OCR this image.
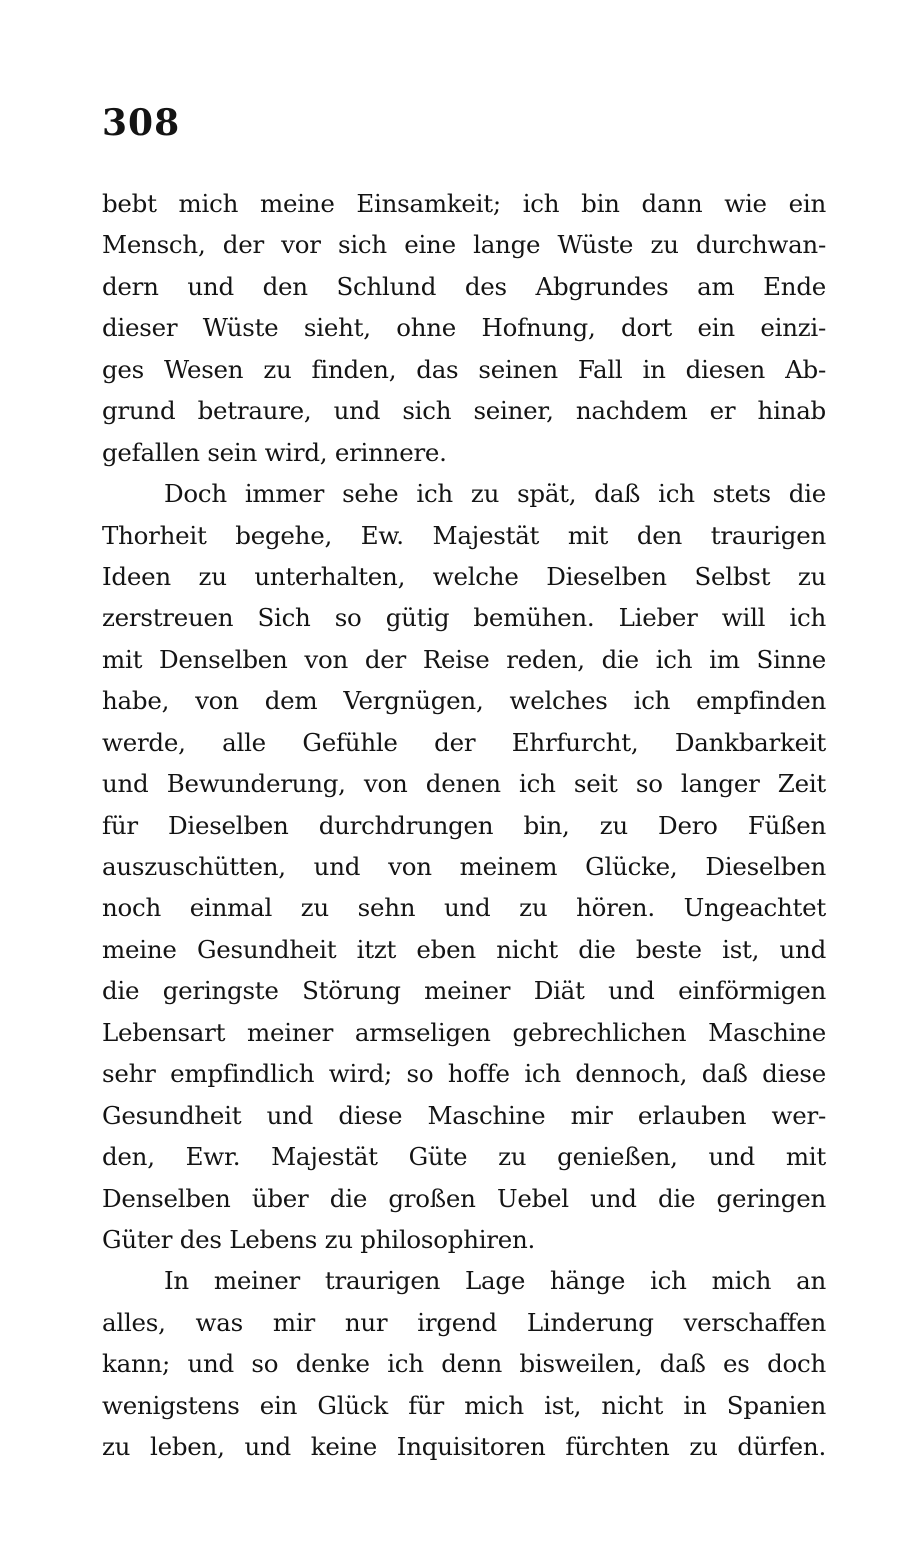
308
bebt mich meine Einsamkeit; ich bin dann wie ein
Mensch, der vor sich eine lange Wüste zu durchwan-
dern und den Schlund des Abgrundes am Ende
dieser Wüste sieht, ohne Hofnung, dort ein einzi-
ges Wesen zu finden, das seinen Fall in diesen Ab-
grund betraure, und sich seiner, nachdem er hinab
gefallen sein wird, erinnere.
Doch immer sehe ich zu spät, daß ich stets die
Thorheit begehe, Ew. Majestät mit den traurigen
Ideen zu unterhalten, welche Dieselben Selbst zu
zerstreuen Sich so gütig bemühen. Lieber will ich
mit Denselben von der Reise reden, die ich im Sinne
habe, von dem Vergnügen, welches ich empfinden
werde, alle Gefühle der Ehrfurcht, Dankbarkeit
und Bewunderung, von denen ich seit so langer Zeit
für Dieselben durchdrungen bin, zu Dero Füßen
auszuschütten, und von meinem Glücke, Dieselben
noch einmal zu sehn und zu hören. Ungeachtet
meine Gesundheit itzt eben nicht die beste ist, und
die geringste Störung meiner Diät und einförmigen
Lebensart meiner armseligen gebrechlichen Maschine
sehr empfindlich wird; so hoffe ich dennoch, daß diese
Gesundheit und diese Maschine mir erlauben wer-
den, Ewr. Majestät Güte zu genießen, und mit
Denselben über die großen Uebel und die geringen
Güter des Lebens zu philosophiren.
In meiner traurigen Lage hänge ich mich an
alles, was mir nur irgend Linderung verschaffen
kann; und so denke ich denn bisweilen, daß es doch
wenigstens ein Glück für mich ist, nicht in Spanien
zu leben, und keine Inquisitoren fürchten zu dürfen.
